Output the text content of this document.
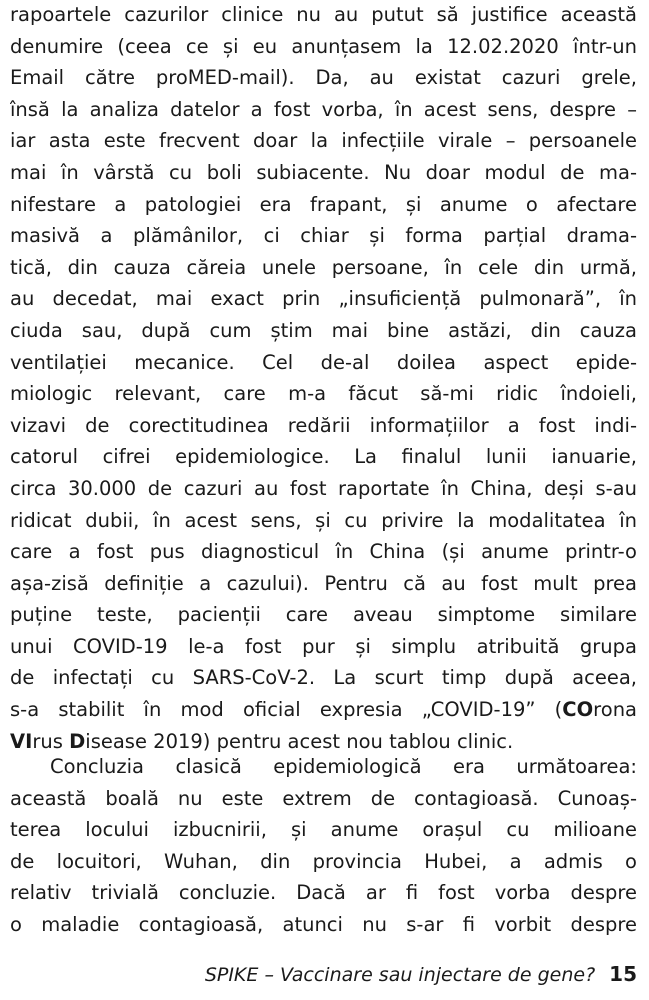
rapoartele cazurilor clinice nu au putut să justifice această
denumire (ceea ce și eu anunțasem la 12.02.2020 într-un
Email către proMED-mail). Da, au existat cazuri grele,
însă la analiza datelor a fost vorba, în acest sens, despre –
iar asta este frecvent doar la infecțiile virale – persoanele
mai în vârstă cu boli subiacente. Nu doar modul de ma-
nifestare a patologiei era frapant, și anume o afectare
masivă a plămânilor, ci chiar și forma parțial drama-
tică, din cauza căreia unele persoane, în cele din urmă,
au decedat, mai exact prin „insuficiență pulmonară”, în
ciuda sau, după cum știm mai bine astăzi, din cauza
ventilației mecanice. Cel de-al doilea aspect epide-
miologic relevant, care m-a făcut să-mi ridic îndoieli,
vizavi de corectitudinea redării informațiilor a fost indi-
catorul cifrei epidemiologice. La finalul lunii ianuarie,
circa 30.000 de cazuri au fost raportate în China, deși s-au
ridicat dubii, în acest sens, și cu privire la modalitatea în
care a fost pus diagnosticul în China (și anume printr-o
așa-zisă definiție a cazului). Pentru că au fost mult prea
puține teste, pacienții care aveau simptome similare
unui COVID-19 le-a fost pur și simplu atribuită grupa
de infectați cu SARS-CoV-2. La scurt timp după aceea,
s-a stabilit în mod oficial expresia „COVID-19” (COrona
VIrus Disease 2019) pentru acest nou tablou clinic.
Concluzia clasică epidemiologică era următoarea:
această boală nu este extrem de contagioasă. Cunoaș-
terea locului izbucnirii, și anume orașul cu milioane
de locuitori, Wuhan, din provincia Hubei, a admis o
relativ trivială concluzie. Dacă ar fi fost vorba despre
o maladie contagioasă, atunci nu s-ar fi vorbit despre
SPIKE – Vaccinare sau injectare de gene? 15
